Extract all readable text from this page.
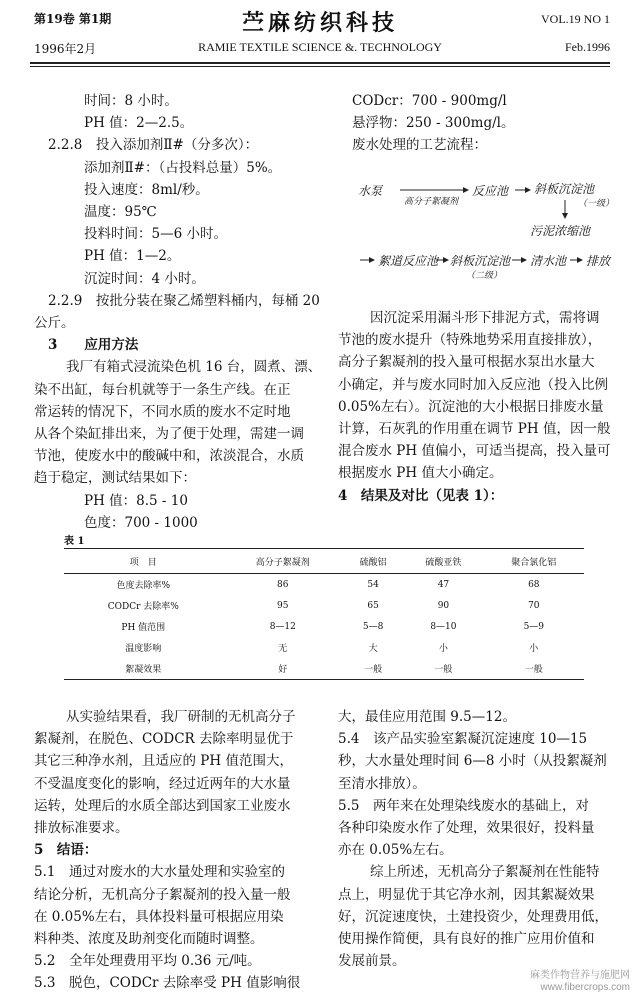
第19卷 第1期
1996年2月
苎麻纺织科技
RAMIE TEXTILE SCIENCE &. TECHNOLOGY
VOL.19 NO 1
Feb.1996

时间：8 小时。

PH 值：2—2.5。

2.2.8　投入添加剂Ⅱ#（分多次）：

添加剂Ⅱ#：（占投料总量）5%。

投入速度：8ml/秒。

温度：95℃

投料时间：5—6 小时。

PH 值：1—2。

沉淀时间：4 小时。

2.2.9　按批分装在聚乙烯塑料桶内，每桶 20

公斤。

3　　应用方法

我厂有箱式浸流染色机 16 台，圆煮、漂、

染不出缸，每台机就等于一条生产线。在正

常运转的情况下，不同水质的废水不定时地

从各个染缸排出来，为了便于处理，需建一调

节池，使废水中的酸碱中和，浓淡混合，水质

趋于稳定，测试结果如下：

PH 值：8.5 - 10

色度：700 - 1000

CODcr：700 - 900mg/l

悬浮物：250 - 300mg/l。

废水处理的工艺流程：

水泵
高分子絮凝剂
反应池 斜板沉淀池
（一级）
污泥浓缩池
絮道反应池 斜板沉淀池
（二级）
清水池 排放

因沉淀采用漏斗形下排泥方式，需将调

节池的废水提升（特殊地势采用直接排放），

高分子絮凝剂的投入量可根据水泵出水量大

小确定，并与废水同时加入反应池（投入比例

0.05%左右）。沉淀池的大小根据日排废水量

计算，石灰乳的作用重在调节 PH 值，因一般

混合废水 PH 值偏小，可适当提高，投入量可

根据废水 PH 值大小确定。

4　结果及对比（见表 1）：

表 1
项　目	高分子絮凝剂	硫酸铝	硫酸亚铁	聚合氯化铝
色度去除率%	86	54	47	68
CODCr 去除率%	95	65	90	70
PH 值范围	8—12	5—8	8—10	5—9
温度影响	无	大	小	小
絮凝效果	好	一般	一般	一般

从实验结果看，我厂研制的无机高分子

絮凝剂，在脱色、CODCR 去除率明显优于

其它三种净水剂，且适应的 PH 值范围大，

不受温度变化的影响，经过近两年的大水量

运转，处理后的水质全部达到国家工业废水

排放标准要求。

5　结语：

5.1　通过对废水的大水量处理和实验室的

结论分析，无机高分子絮凝剂的投入量一般

在 0.05%左右，具体投料量可根据应用染

料种类、浓度及助剂变化而随时调整。

5.2　全年处理费用平均 0.36 元/吨。

5.3　脱色，CODCr 去除率受 PH 值影响很

大，最佳应用范围 9.5—12。

5.4　该产品实验室絮凝沉淀速度 10—15

秒，大水量处理时间 6—8 小时（从投絮凝剂

至清水排放）。

5.5　两年来在处理染线废水的基础上，对

各种印染废水作了处理，效果很好，投料量

亦在 0.05%左右。

综上所述，无机高分子絮凝剂在性能特

点上，明显优于其它净水剂，因其絮凝效果

好，沉淀速度快，土建投资少，处理费用低，

使用操作简便，具有良好的推广应用价值和

发展前景。

麻类作物营养与施肥网
www.fibercrops.com
